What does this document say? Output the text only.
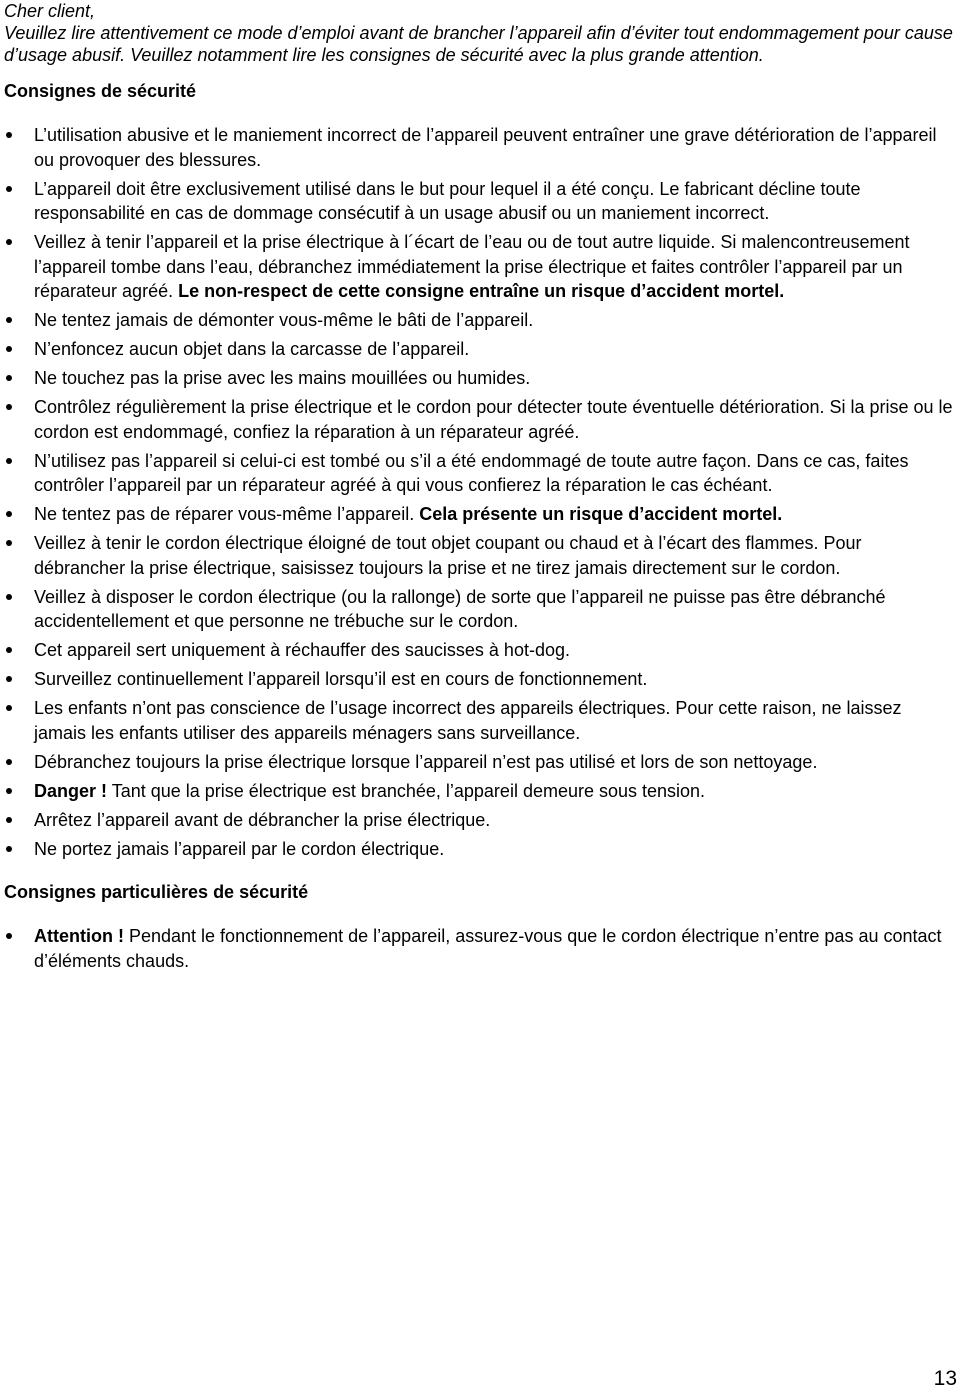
Cher client,

Veuillez lire attentivement ce mode d’emploi avant de brancher l’appareil afin d’éviter tout endommagement pour cause d’usage abusif. Veuillez notamment lire les consignes de sécurité avec la plus grande attention.

Consignes de sécurité
L’utilisation abusive et le maniement incorrect de l’appareil peuvent entraîner une grave détérioration de l’appareil ou provoquer des blessures.
L’appareil doit être exclusivement utilisé dans le but pour lequel il a été conçu. Le fabricant décline toute responsabilité en cas de dommage consécutif à un usage abusif ou un maniement incorrect.
Veillez à tenir l’appareil et la prise électrique à l´écart de l’eau ou de tout autre liquide. Si malencontreusement l’appareil tombe dans l’eau, débranchez immédiatement la prise électrique et faites contrôler l’appareil par un réparateur agréé. Le non-respect de cette consigne entraîne un risque d’accident mortel.
Ne tentez jamais de démonter vous-même le bâti de l’appareil.
N’enfoncez aucun objet dans la carcasse de l’appareil.
Ne touchez pas la prise avec les mains mouillées ou humides.
Contrôlez régulièrement la prise électrique et le cordon pour détecter toute éventuelle détérioration. Si la prise ou le cordon est endommagé, confiez la réparation à un réparateur agréé.
N’utilisez pas l’appareil si celui-ci est tombé ou s’il a été endommagé de toute autre façon. Dans ce cas, faites contrôler l’appareil par un réparateur agréé à qui vous confierez la réparation le cas échéant.
Ne tentez pas de réparer vous-même l’appareil. Cela présente un risque d’accident mortel.
Veillez à tenir le cordon électrique éloigné de tout objet coupant ou chaud et à l’écart des flammes. Pour débrancher la prise électrique, saisissez toujours la prise et ne tirez jamais directement sur le cordon.
Veillez à disposer le cordon électrique (ou la rallonge) de sorte que l’appareil ne puisse pas être débranché accidentellement et que personne ne trébuche sur le cordon.
Cet appareil sert uniquement à réchauffer des saucisses à hot-dog.
Surveillez continuellement l’appareil lorsqu’il est en cours de fonctionnement.
Les enfants n’ont pas conscience de l’usage incorrect des appareils électriques. Pour cette raison, ne laissez jamais les enfants utiliser des appareils ménagers sans surveillance.
Débranchez toujours la prise électrique lorsque l’appareil n’est pas utilisé et lors de son nettoyage.
Danger ! Tant que la prise électrique est branchée, l’appareil demeure sous tension.
Arrêtez l’appareil avant de débrancher la prise électrique.
Ne portez jamais l’appareil par le cordon électrique.
Consignes particulières de sécurité
Attention ! Pendant le fonctionnement de l’appareil, assurez-vous que le cordon électrique n’entre pas au contact d’éléments chauds.
13
